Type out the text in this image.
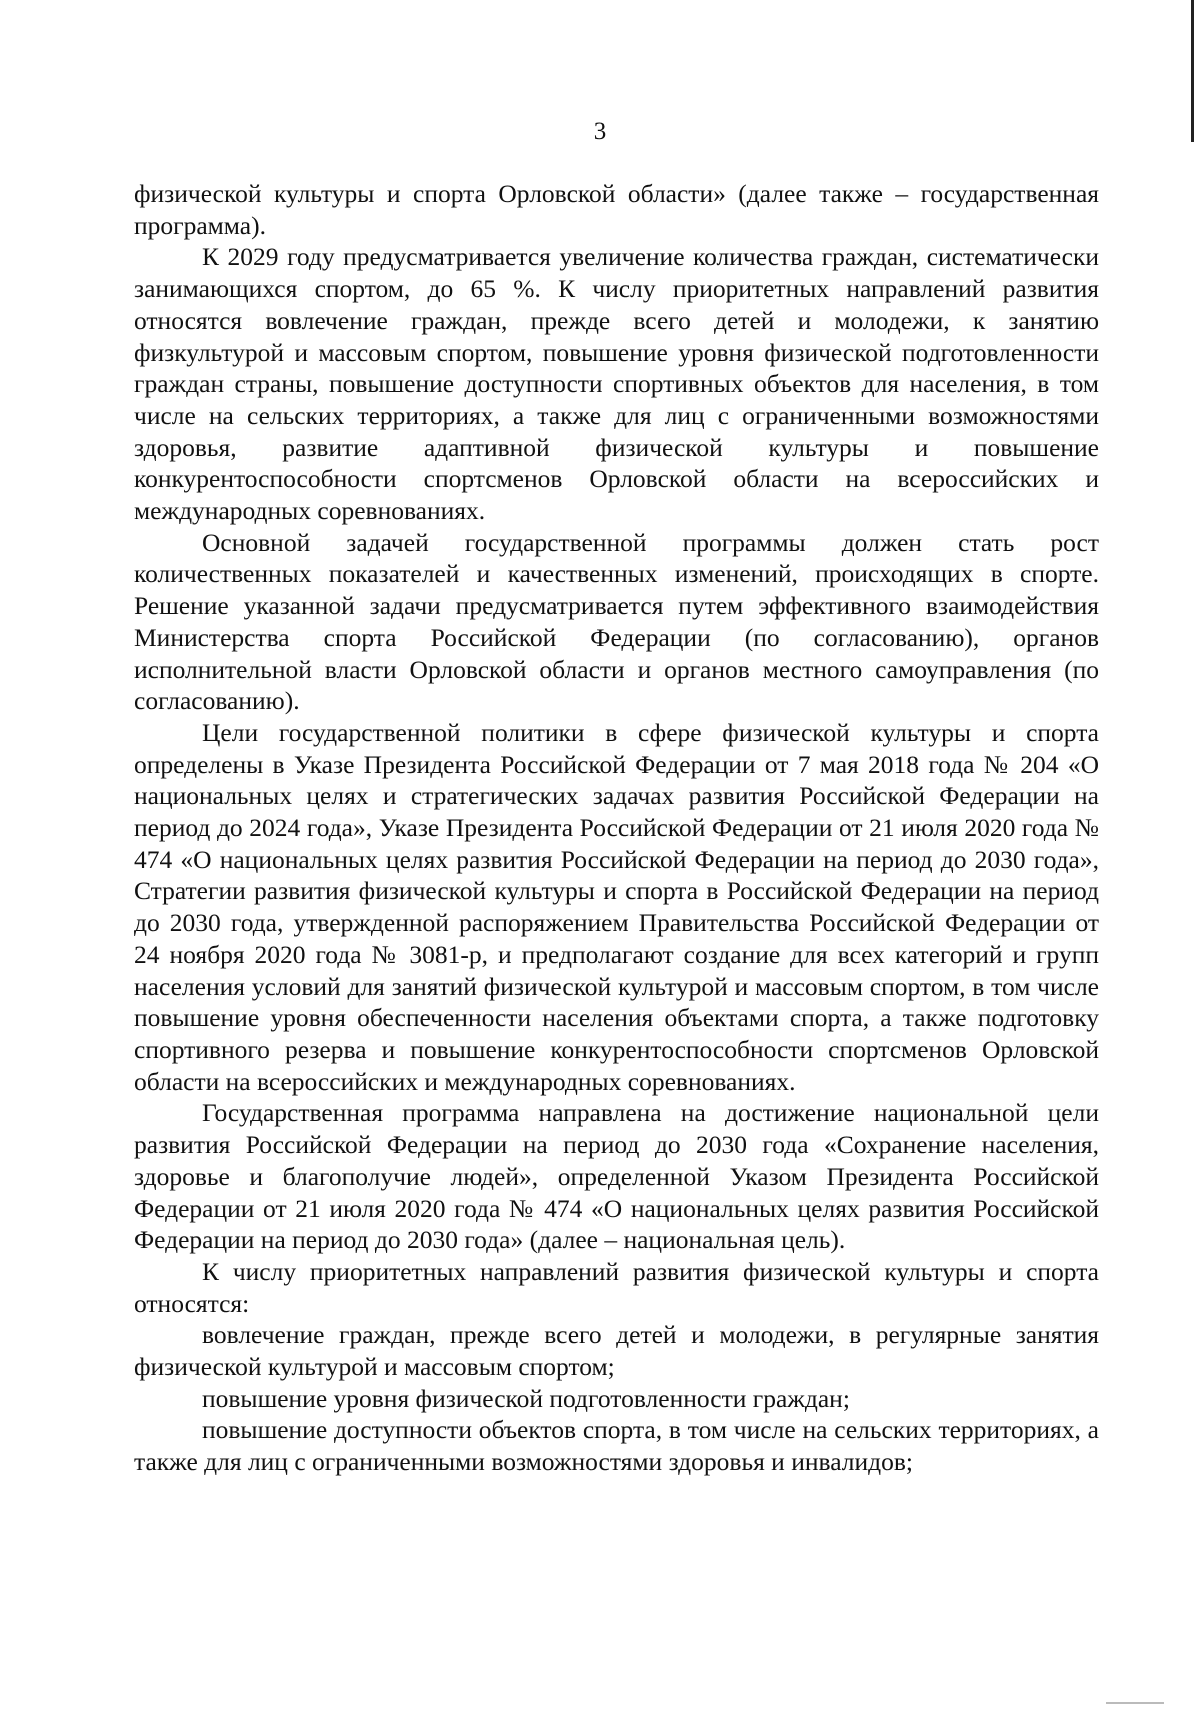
3

физической культуры и спорта Орловской области» (далее также – государственная программа).

К 2029 году предусматривается увеличение количества граждан, систематически занимающихся спортом, до 65 %. К числу приоритетных направлений развития относятся вовлечение граждан, прежде всего детей и молодежи, к занятию физкультурой и массовым спортом, повышение уровня физической подготовленности граждан страны, повышение доступности спортивных объектов для населения, в том числе на сельских территориях, а также для лиц с ограниченными возможностями здоровья, развитие адаптивной физической культуры и повышение конкурентоспособности спортсменов Орловской области на всероссийских и международных соревнованиях.

Основной задачей государственной программы должен стать рост количественных показателей и качественных изменений, происходящих в спорте. Решение указанной задачи предусматривается путем эффективного взаимодействия Министерства спорта Российской Федерации (по согласованию), органов исполнительной власти Орловской области и органов местного самоуправления (по согласованию).

Цели государственной политики в сфере физической культуры и спорта определены в Указе Президента Российской Федерации от 7 мая 2018 года № 204 «О национальных целях и стратегических задачах развития Российской Федерации на период до 2024 года», Указе Президента Российской Федерации от 21 июля 2020 года № 474 «О национальных целях развития Российской Федерации на период до 2030 года», Стратегии развития физической культуры и спорта в Российской Федерации на период до 2030 года, утвержденной распоряжением Правительства Российской Федерации от 24 ноября 2020 года № 3081-р, и предполагают создание для всех категорий и групп населения условий для занятий физической культурой и массовым спортом, в том числе повышение уровня обеспеченности населения объектами спорта, а также подготовку спортивного резерва и повышение конкурентоспособности спортсменов Орловской области на всероссийских и международных соревнованиях.

Государственная программа направлена на достижение национальной цели развития Российской Федерации на период до 2030 года «Сохранение населения, здоровье и благополучие людей», определенной Указом Президента Российской Федерации от 21 июля 2020 года № 474 «О национальных целях развития Российской Федерации на период до 2030 года» (далее – национальная цель).

К числу приоритетных направлений развития физической культуры и спорта относятся:

вовлечение граждан, прежде всего детей и молодежи, в регулярные занятия физической культурой и массовым спортом;

повышение уровня физической подготовленности граждан;

повышение доступности объектов спорта, в том числе на сельских территориях, а также для лиц с ограниченными возможностями здоровья и инвалидов;
